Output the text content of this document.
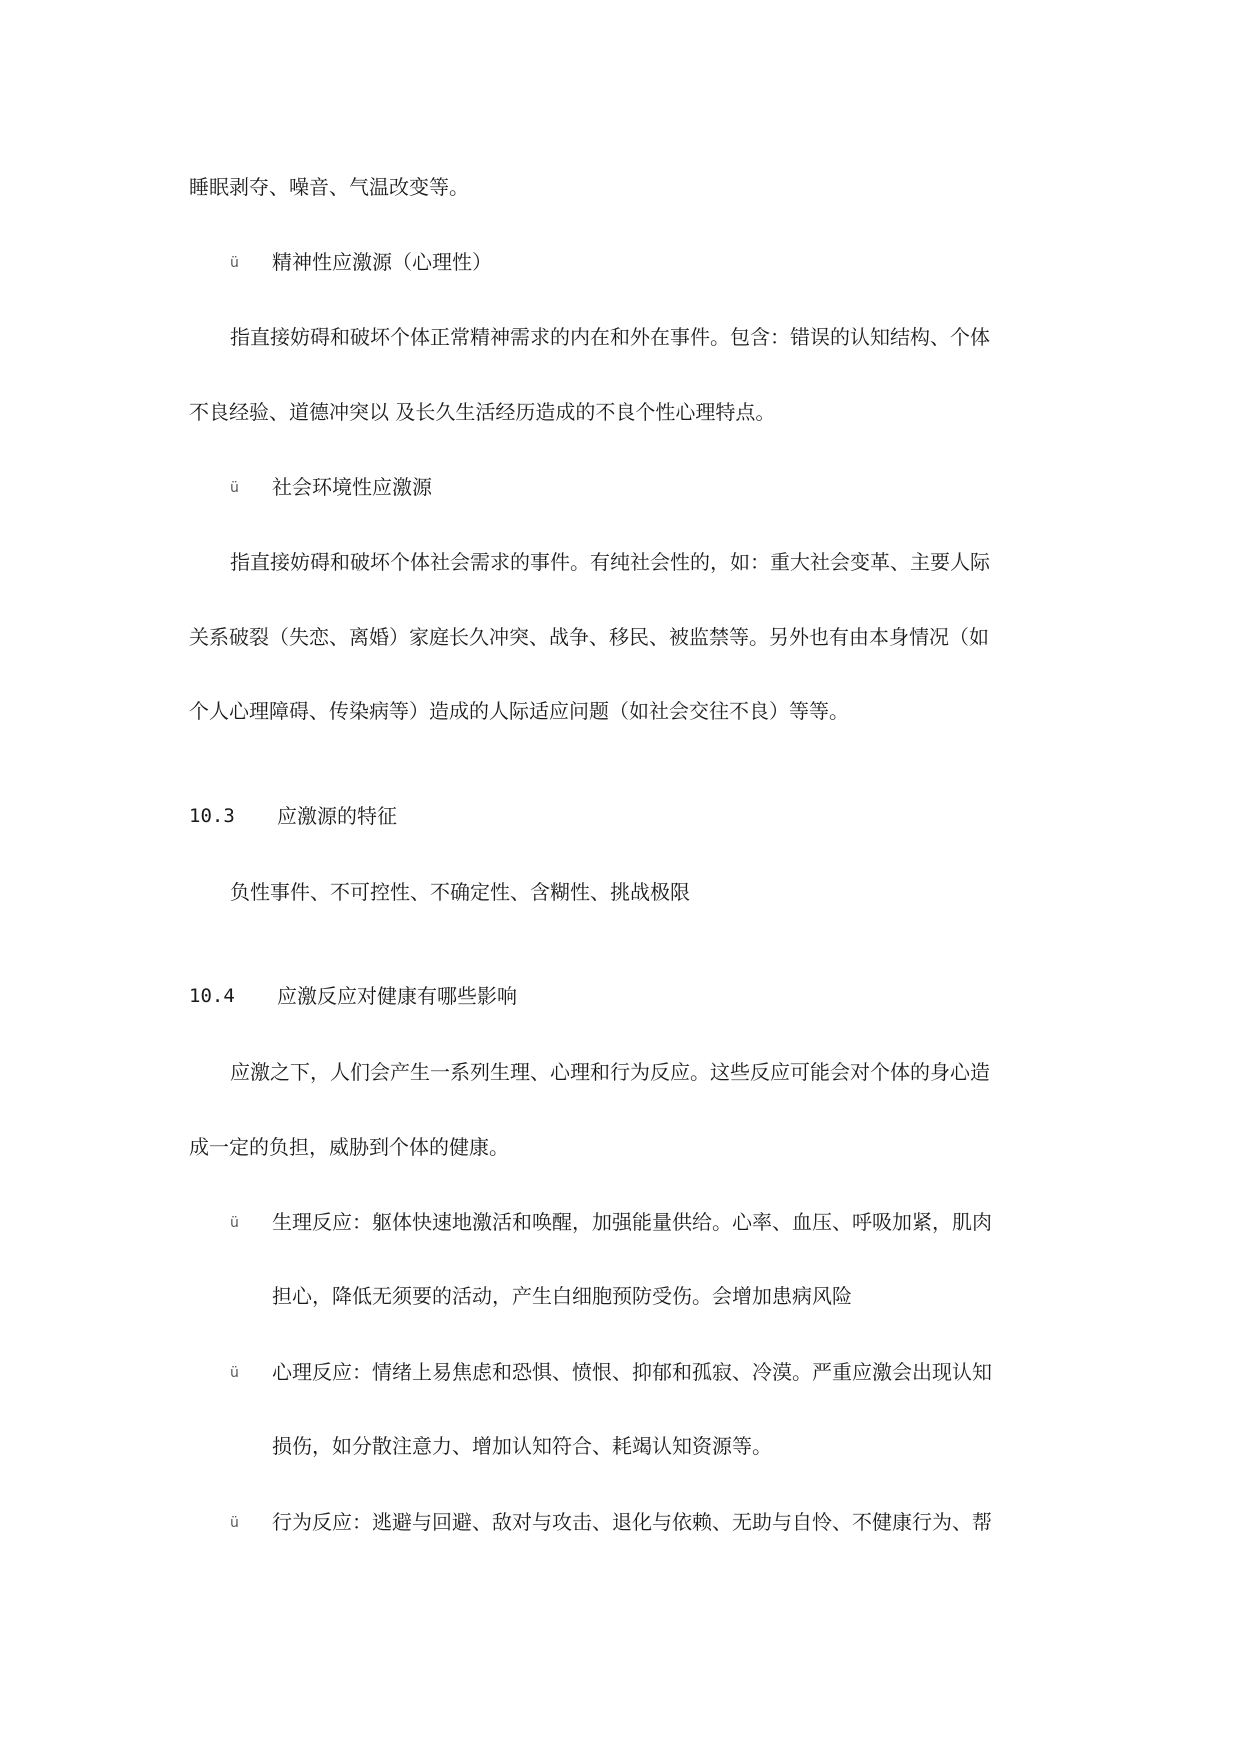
睡眠剥夺、噪音、气温改变等。
ü 精神性应激源（心理性）
指直接妨碍和破坏个体正常精神需求的内在和外在事件。包含：错误的认知结构、个体
不良经验、道德冲突以 及长久生活经历造成的不良个性心理特点。
ü 社会环境性应激源
指直接妨碍和破坏个体社会需求的事件。有纯社会性的，如：重大社会变革、主要人际
关系破裂（失恋、离婚）家庭长久冲突、战争、移民、被监禁等。另外也有由本身情况（如
个人心理障碍、传染病等）造成的人际适应问题（如社会交往不良）等等。
10.3 应激源的特征
负性事件、不可控性、不确定性、含糊性、挑战极限
10.4 应激反应对健康有哪些影响
应激之下，人们会产生一系列生理、心理和行为反应。这些反应可能会对个体的身心造
成一定的负担，威胁到个体的健康。
ü 生理反应：躯体快速地激活和唤醒，加强能量供给。心率、血压、呼吸加紧，肌肉
担心，降低无须要的活动，产生白细胞预防受伤。会增加患病风险
ü 心理反应：情绪上易焦虑和恐惧、愤恨、抑郁和孤寂、冷漠。严重应激会出现认知
损伤，如分散注意力、增加认知符合、耗竭认知资源等。
ü 行为反应：逃避与回避、敌对与攻击、退化与依赖、无助与自怜、不健康行为、帮
